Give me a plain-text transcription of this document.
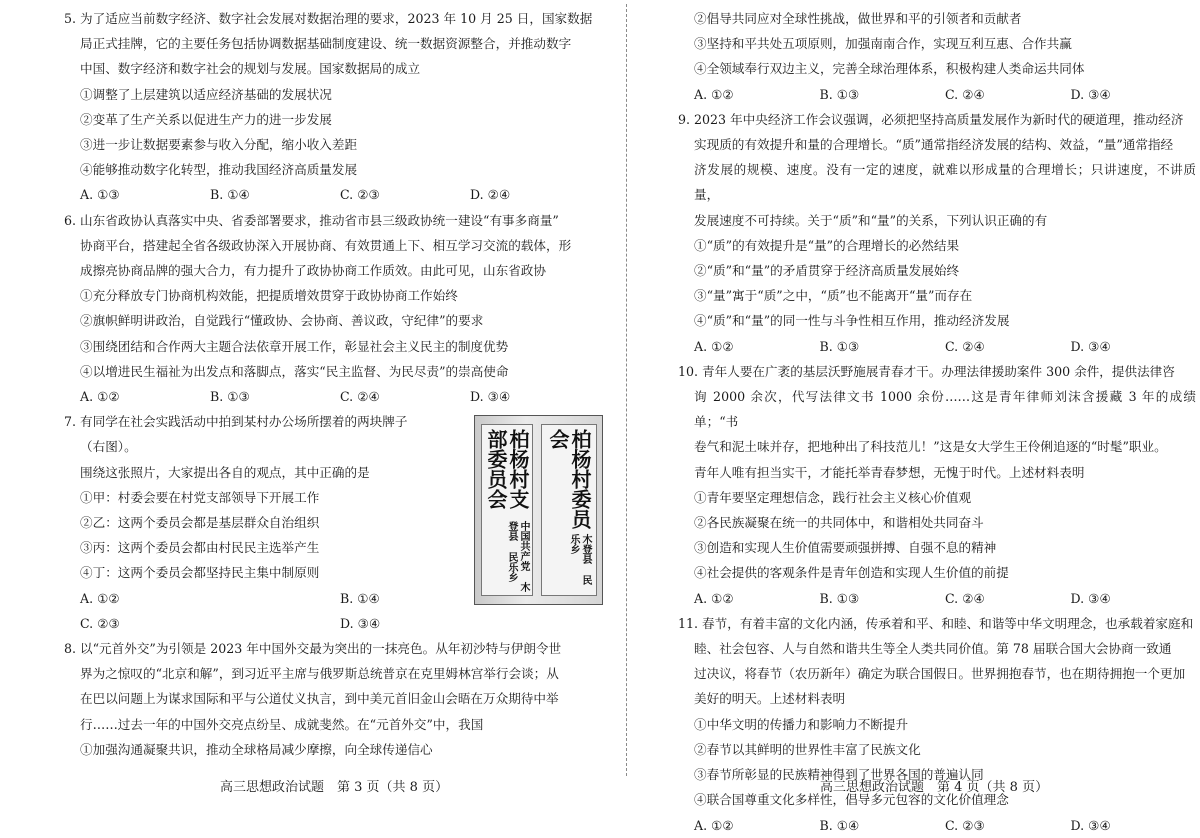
5. 为了适应当前数字经济、数字社会发展对数据治理的要求，2023 年 10 月 25 日，国家数据

局正式挂牌，它的主要任务包括协调数据基础制度建设、统一数据资源整合，并推动数字

中国、数字经济和数字社会的规划与发展。国家数据局的成立

①调整了上层建筑以适应经济基础的发展状况

②变革了生产关系以促进生产力的进一步发展

③进一步让数据要素参与收入分配，缩小收入差距

④能够推动数字化转型，推动我国经济高质量发展

A. ①③	B. ①④	C. ②③	D. ②④

6. 山东省政协认真落实中央、省委部署要求，推动省市县三级政协统一建设“有事多商量”

协商平台，搭建起全省各级政协深入开展协商、有效贯通上下、相互学习交流的载体，形

成擦亮协商品牌的强大合力，有力提升了政协协商工作质效。由此可见，山东省政协

①充分释放专门协商机构效能，把提质增效贯穿于政协协商工作始终

②旗帜鲜明讲政治，自觉践行“懂政协、会协商、善议政，守纪律”的要求

③围绕团结和合作两大主题合法依章开展工作，彰显社会主义民主的制度优势

④以增进民生福祉为出发点和落脚点，落实“民主监督、为民尽责”的崇高使命

A. ①②	B. ①③	C. ②④	D. ③④

7. 有同学在社会实践活动中拍到某村办公场所摆着的两块牌子

（右图）。

围绕这张照片，大家提出各自的观点，其中正确的是

①甲：村委会要在村党支部领导下开展工作

②乙：这两个委员会都是基层群众自治组织

③丙：这两个委员会都由村民民主选举产生

④丁：这两个委员会都坚持民主集中制原则

A. ①②	B. ①④
C. ②③	D. ③④
中国共产党 木登县 民乐乡
柏杨村支部委员会
木登县 民乐乡
柏杨村委员会

8. 以“元首外交”为引领是 2023 年中国外交最为突出的一抹亮色。从年初沙特与伊朗令世

界为之惊叹的“北京和解”，到习近平主席与俄罗斯总统普京在克里姆林宫举行会谈；从

在巴以问题上为谋求国际和平与公道仗义执言，到中美元首旧金山会晤在万众期待中举

行……过去一年的中国外交亮点纷呈、成就斐然。在“元首外交”中，我国

①加强沟通凝聚共识，推动全球格局减少摩擦，向全球传递信心

②倡导共同应对全球性挑战，做世界和平的引领者和贡献者

③坚持和平共处五项原则，加强南南合作，实现互利互惠、合作共赢

④全领域奉行双边主义，完善全球治理体系，积极构建人类命运共同体

A. ①②	B. ①③	C. ②④	D. ③④

9. 2023 年中央经济工作会议强调，必须把坚持高质量发展作为新时代的硬道理，推动经济

实现质的有效提升和量的合理增长。“质”通常指经济发展的结构、效益，“量”通常指经

济发展的规模、速度。没有一定的速度，就难以形成量的合理增长；只讲速度，不讲质量，

发展速度不可持续。关于“质”和“量”的关系，下列认识正确的有

①“质”的有效提升是“量”的合理增长的必然结果

②“质”和“量”的矛盾贯穿于经济高质量发展始终

③“量”寓于“质”之中，“质”也不能离开“量”而存在

④“质”和“量”的同一性与斗争性相互作用，推动经济发展

A. ①②	B. ①③	C. ②④	D. ③④

10. 青年人要在广袤的基层沃野施展青春才干。办理法律援助案件 300 余件，提供法律咨

询 2000 余次，代写法律文书 1000 余份……这是青年律师刘沫含援藏 3 年的成绩单；“书

卷气和泥土味并存，把地种出了科技范儿！”这是女大学生王伶俐追逐的“时髦”职业。

青年人唯有担当实干，才能托举青春梦想，无愧于时代。上述材料表明

①青年要坚定理想信念，践行社会主义核心价值观

②各民族凝聚在统一的共同体中，和谐相处共同奋斗

③创造和实现人生价值需要顽强拼搏、自强不息的精神

④社会提供的客观条件是青年创造和实现人生价值的前提

A. ①②	B. ①③	C. ②④	D. ③④

11. 春节，有着丰富的文化内涵，传承着和平、和睦、和谐等中华文明理念，也承载着家庭和

睦、社会包容、人与自然和谐共生等全人类共同价值。第 78 届联合国大会协商一致通

过决议，将春节（农历新年）确定为联合国假日。世界拥抱春节，也在期待拥抱一个更加

美好的明天。上述材料表明

①中华文明的传播力和影响力不断提升

②春节以其鲜明的世界性丰富了民族文化

③春节所彰显的民族精神得到了世界各国的普遍认同

④联合国尊重文化多样性，倡导多元包容的文化价值理念

A. ①②	B. ①④	C. ②③	D. ③④
高三思想政治试题　第 3 页（共 8 页）	高三思想政治试题　第 4 页（共 8 页）
